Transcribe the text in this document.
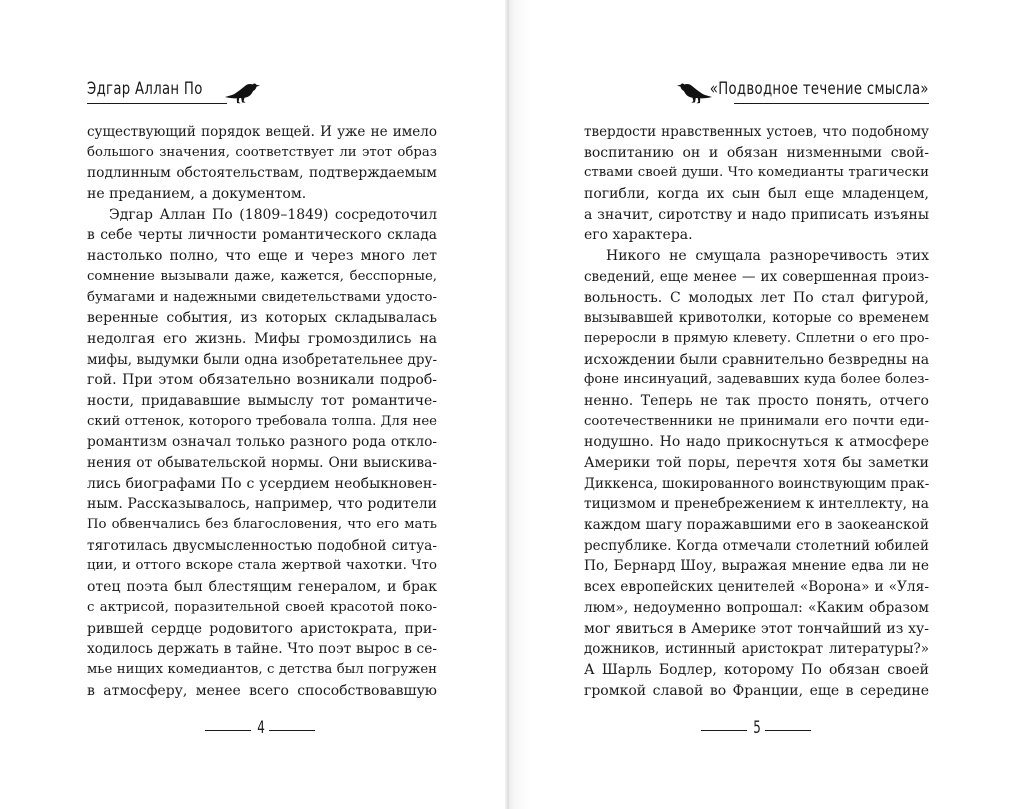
Эдгар Аллан По
существующий порядок вещей. И уже не имело
большого значения, соответствует ли этот образ
подлинным обстоятельствам, подтверждаемым
не преданием, а документом.
Эдгар Аллан По (1809–1849) сосредоточил
в себе черты личности романтического склада
настолько полно, что еще и через много лет
сомнение вызывали даже, кажется, бесспорные,
бумагами и надежными свидетельствами удосто-
веренные события, из которых складывалась
недолгая его жизнь. Мифы громоздились на
мифы, выдумки были одна изобретательнее дру-
гой. При этом обязательно возникали подроб-
ности, придававшие вымыслу тот романтиче-
ский оттенок, которого требовала толпа. Для нее
романтизм означал только разного рода откло-
нения от обывательской нормы. Они выискива-
лись биографами По с усердием необыкновен-
ным. Рассказывалось, например, что родители
По обвенчались без благословения, что его мать
тяготилась двусмысленностью подобной ситуа-
ции, и оттого вскоре стала жертвой чахотки. Что
отец поэта был блестящим генералом, и брак
с актрисой, поразительной своей красотой поко-
рившей сердце родовитого аристократа, при-
ходилось держать в тайне. Что поэт вырос в се-
мье нищих комедиантов, с детства был погружен
в атмосферу, менее всего способствовавшую
4
«Подводное течение смысла»
твердости нравственных устоев, что подобному
воспитанию он и обязан низменными свой-
ствами своей души. Что комедианты трагически
погибли, когда их сын был еще младенцем,
а значит, сиротству и надо приписать изъяны
его характера.
Никого не смущала разноречивость этих
сведений, еще менее — их совершенная произ-
вольность. С молодых лет По стал фигурой,
вызывавшей кривотолки, которые со временем
переросли в прямую клевету. Сплетни о его про-
исхождении были сравнительно безвредны на
фоне инсинуаций, задевавших куда более болез-
ненно. Теперь не так просто понять, отчего
соотечественники не принимали его почти еди-
нодушно. Но надо прикоснуться к атмосфере
Америки той поры, перечтя хотя бы заметки
Диккенса, шокированного воинствующим прак-
тицизмом и пренебрежением к интеллекту, на
каждом шагу поражавшими его в заокеанской
республике. Когда отмечали столетний юбилей
По, Бернард Шоу, выражая мнение едва ли не
всех европейских ценителей «Ворона» и «Уля-
люм», недоуменно вопрошал: «Каким образом
мог явиться в Америке этот тончайший из ху-
дожников, истинный аристократ литературы?»
А Шарль Бодлер, которому По обязан своей
громкой славой во Франции, еще в середине
5
